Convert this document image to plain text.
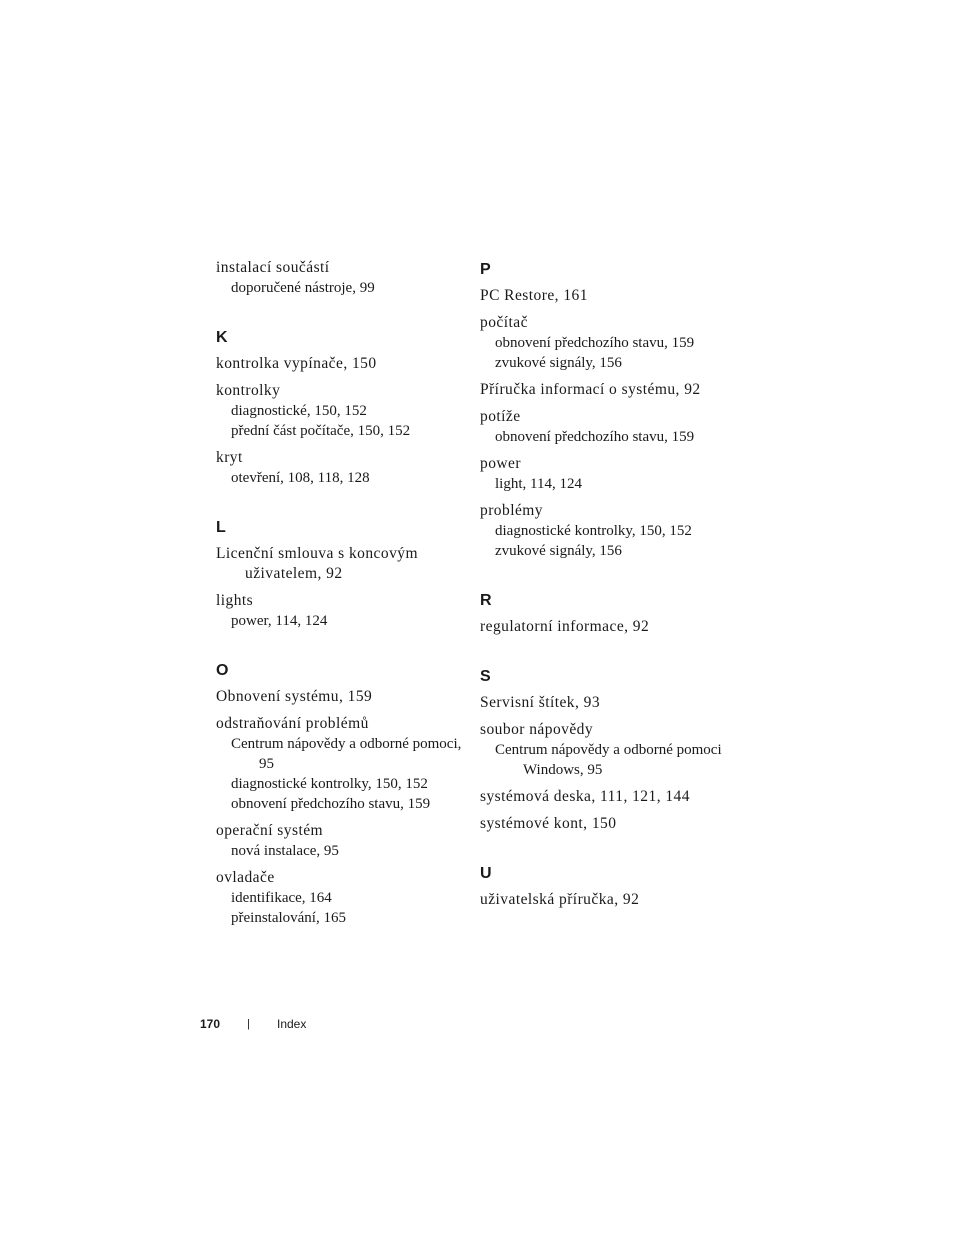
instalací součástí
doporučené nástroje, 99
K
kontrolka vypínače, 150
kontrolky
diagnostické, 150, 152
přední část počítače, 150, 152
kryt
otevření, 108, 118, 128
L
Licenční smlouva s koncovým uživatelem, 92
lights
power, 114, 124
O
Obnovení systému, 159
odstraňování problémů
Centrum nápovědy a odborné pomoci, 95
diagnostické kontrolky, 150, 152
obnovení předchozího stavu, 159
operační systém
nová instalace, 95
ovladače
identifikace, 164
přeinstalování, 165
P
PC Restore, 161
počítač
obnovení předchozího stavu, 159
zvukové signály, 156
Příručka informací o systému, 92
potíže
obnovení předchozího stavu, 159
power
light, 114, 124
problémy
diagnostické kontrolky, 150, 152
zvukové signály, 156
R
regulatorní informace, 92
S
Servisní štítek, 93
soubor nápovědy
Centrum nápovědy a odborné pomoci Windows, 95
systémová deska, 111, 121, 144
systémové kont, 150
U
uživatelská příručka, 92
170 | Index
